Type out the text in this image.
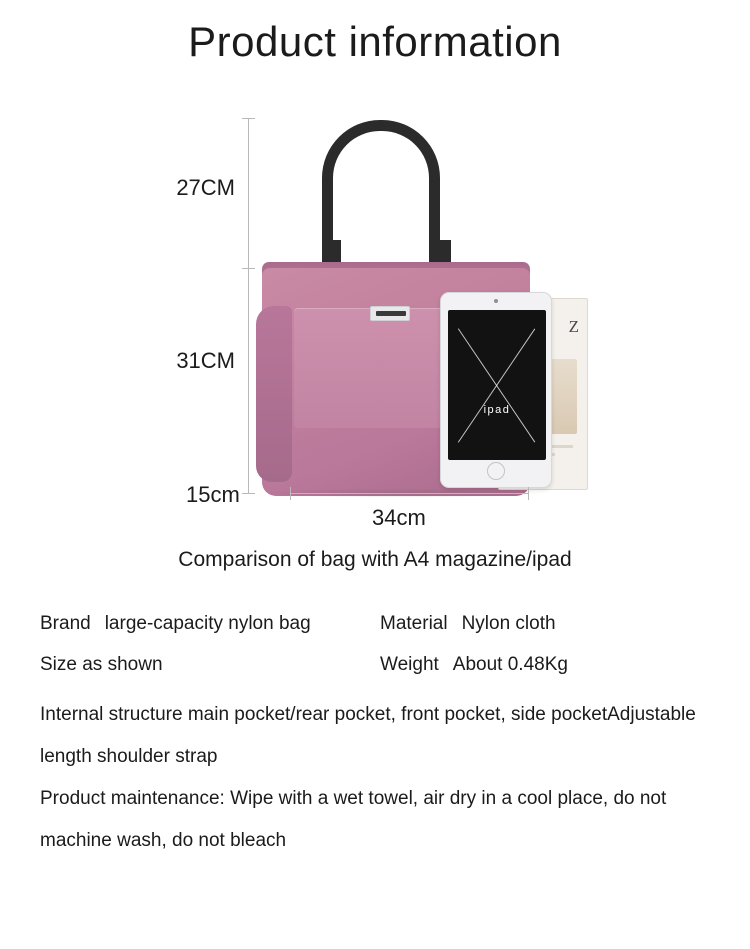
Product information
27CM
31CM
Z
ipad
15cm
34cm
Comparison of bag with A4 magazine/ipad
Brand large-capacity nylon bag	Material Nylon cloth
Size as shown	Weight About 0.48Kg

Internal structure main pocket/rear pocket, front pocket, side pocketAdjustable length shoulder strap

Product maintenance: Wipe with a wet towel, air dry in a cool place, do not machine wash, do not bleach
